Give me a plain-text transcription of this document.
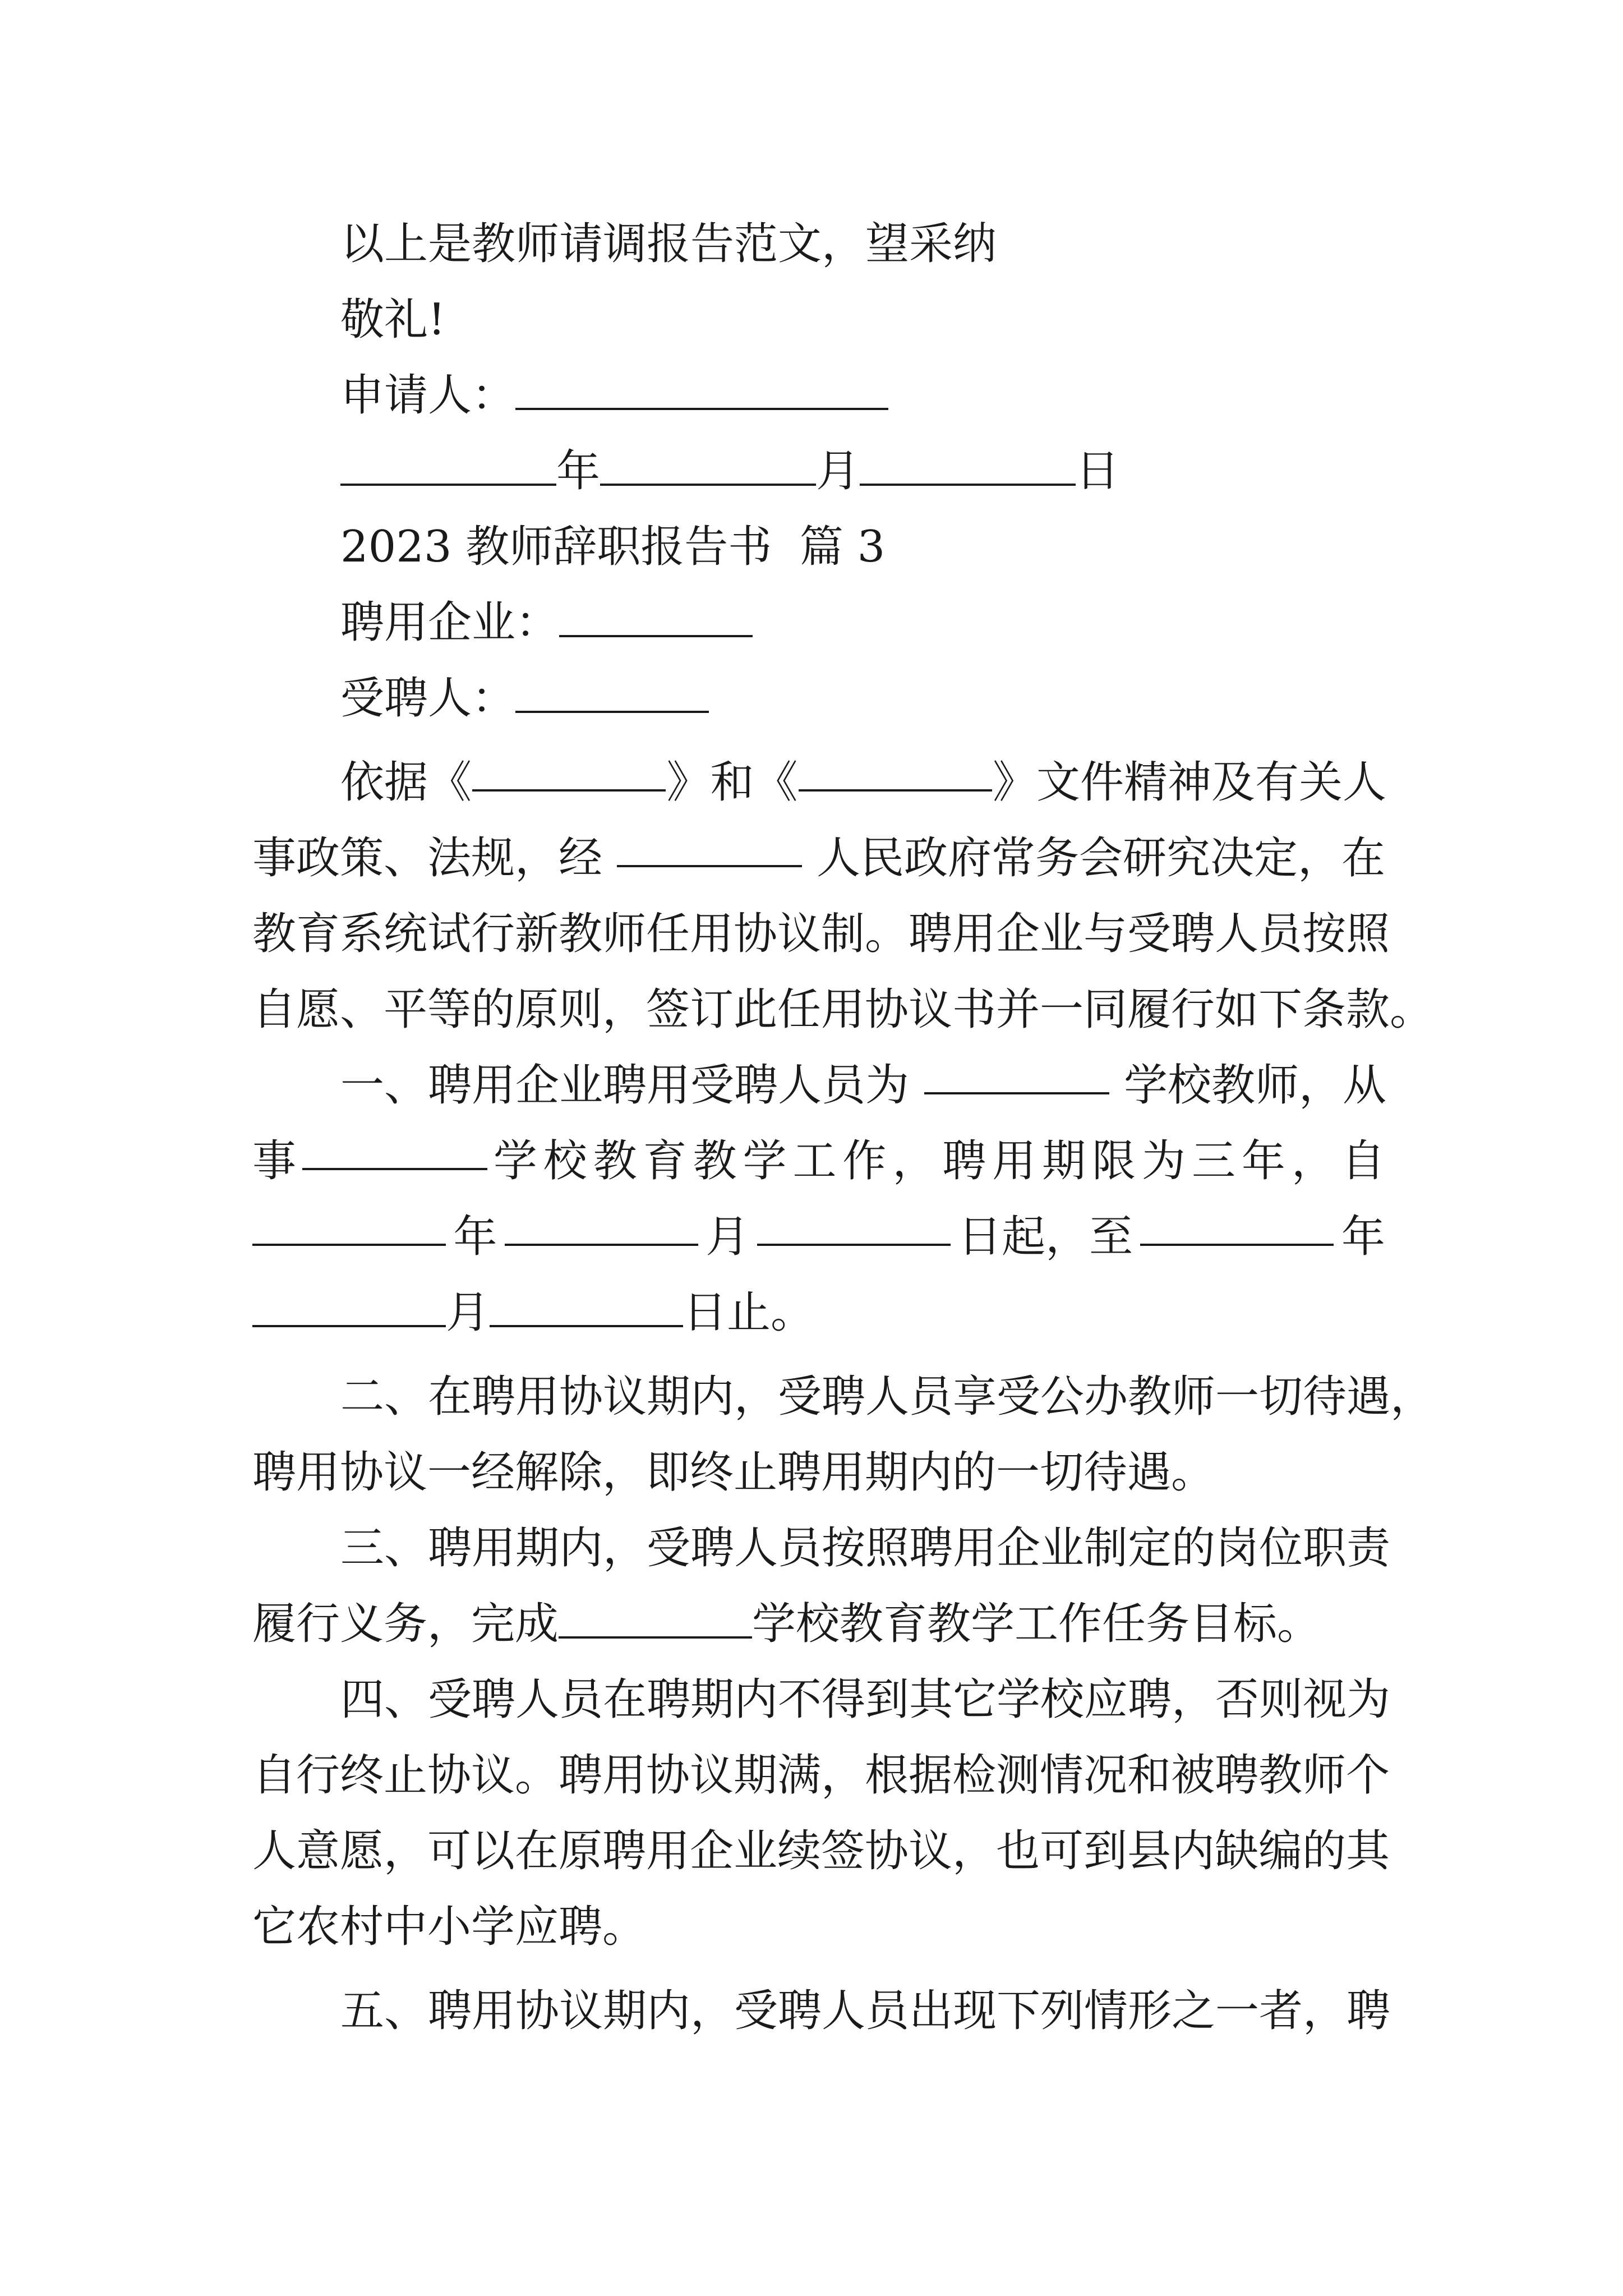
以上是教师请调报告范文，望采纳
敬礼!
申请人：
年	月	日
2023 教师辞职报告书  篇 3
聘用企业：
受聘人：
依据《	》和《	》文件精神及有关人
事政策、法规，经	人民政府常务会研究决定，在
教育系统试行新教师任用协议制。聘用企业与受聘人员按照
自愿、平等的原则，签订此任用协议书并一同履行如下条款。
一、聘用企业聘用受聘人员为	学校教师，从
事	学 校 教 育 教 学 工 作 ， 聘 用 期 限 为 三 年 ， 自
年	月	日起，至	年
月	日止。
二、在聘用协议期内，受聘人员享受公办教师一切待遇，
聘用协议一经解除，即终止聘用期内的一切待遇。
三、聘用期内，受聘人员按照聘用企业制定的岗位职责
履行义务，完成	学校教育教学工作任务目标。
四、受聘人员在聘期内不得到其它学校应聘，否则视为
自行终止协议。聘用协议期满，根据检测情况和被聘教师个
人意愿，可以在原聘用企业续签协议，也可到县内缺编的其
它农村中小学应聘。
五、聘用协议期内，受聘人员出现下列情形之一者，聘
